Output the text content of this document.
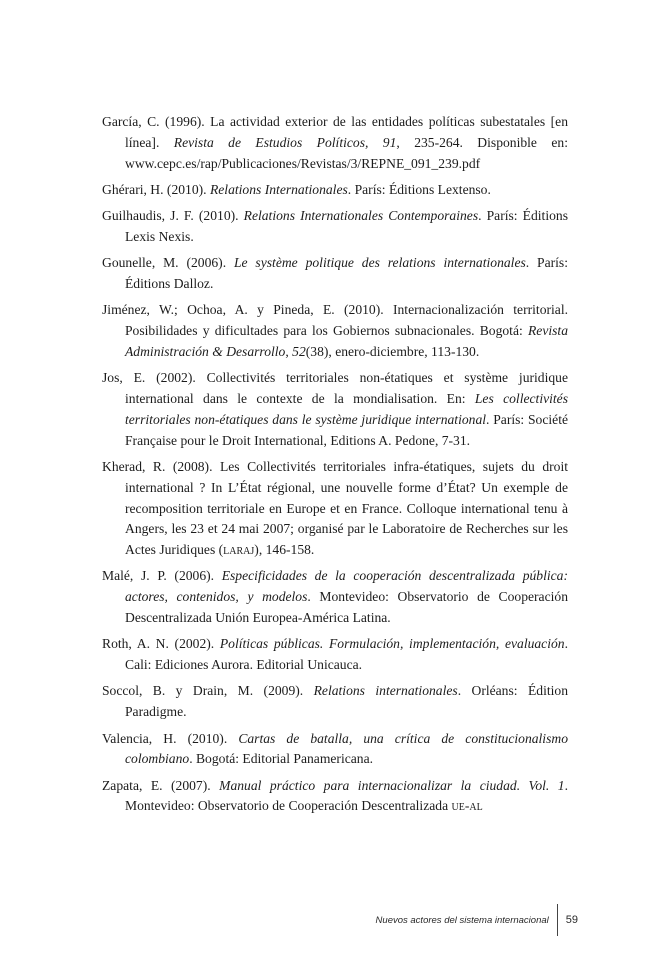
García, C. (1996). La actividad exterior de las entidades políticas subestatales [en línea]. Revista de Estudios Políticos, 91, 235-264. Disponible en: www.cepc.es/rap/Publicaciones/Revistas/3/REPNE_091_239.pdf

Ghérari, H. (2010). Relations Internationales. París: Éditions Lextenso.

Guilhaudis, J. F. (2010). Relations Internationales Contemporaines. París: Éditions Lexis Nexis.

Gounelle, M. (2006). Le système politique des relations internationales. París: Éditions Dalloz.

Jiménez, W.; Ochoa, A. y Pineda, E. (2010). Internacionalización territorial. Posibilidades y dificultades para los Gobiernos subnacionales. Bogotá: Revista Administración & Desarrollo, 52(38), enero-diciembre, 113-130.

Jos, E. (2002). Collectivités territoriales non-étatiques et système juridique international dans le contexte de la mondialisation. En: Les collectivités territoriales non-étatiques dans le système juridique international. París: Société Française pour le Droit International, Editions A. Pedone, 7-31.

Kherad, R. (2008). Les Collectivités territoriales infra-étatiques, sujets du droit international ? In L’État régional, une nouvelle forme d’État? Un exemple de recomposition territoriale en Europe et en France. Colloque international tenu à Angers, les 23 et 24 mai 2007; organisé par le Laboratoire de Recherches sur les Actes Juridiques (laraj), 146-158.

Malé, J. P. (2006). Especificidades de la cooperación descentralizada pública: actores, contenidos, y modelos. Montevideo: Observatorio de Cooperación Descentralizada Unión Europea-América Latina.

Roth, A. N. (2002). Políticas públicas. Formulación, implementación, evaluación. Cali: Ediciones Aurora. Editorial Unicauca.

Soccol, B. y Drain, M. (2009). Relations internationales. Orléans: Édition Paradigme.

Valencia, H. (2010). Cartas de batalla, una crítica de constitucionalismo colombiano. Bogotá: Editorial Panamericana.

Zapata, E. (2007). Manual práctico para internacionalizar la ciudad. Vol. 1. Montevideo: Observatorio de Cooperación Descentralizada ue-al

Nuevos actores del sistema internacional	59
